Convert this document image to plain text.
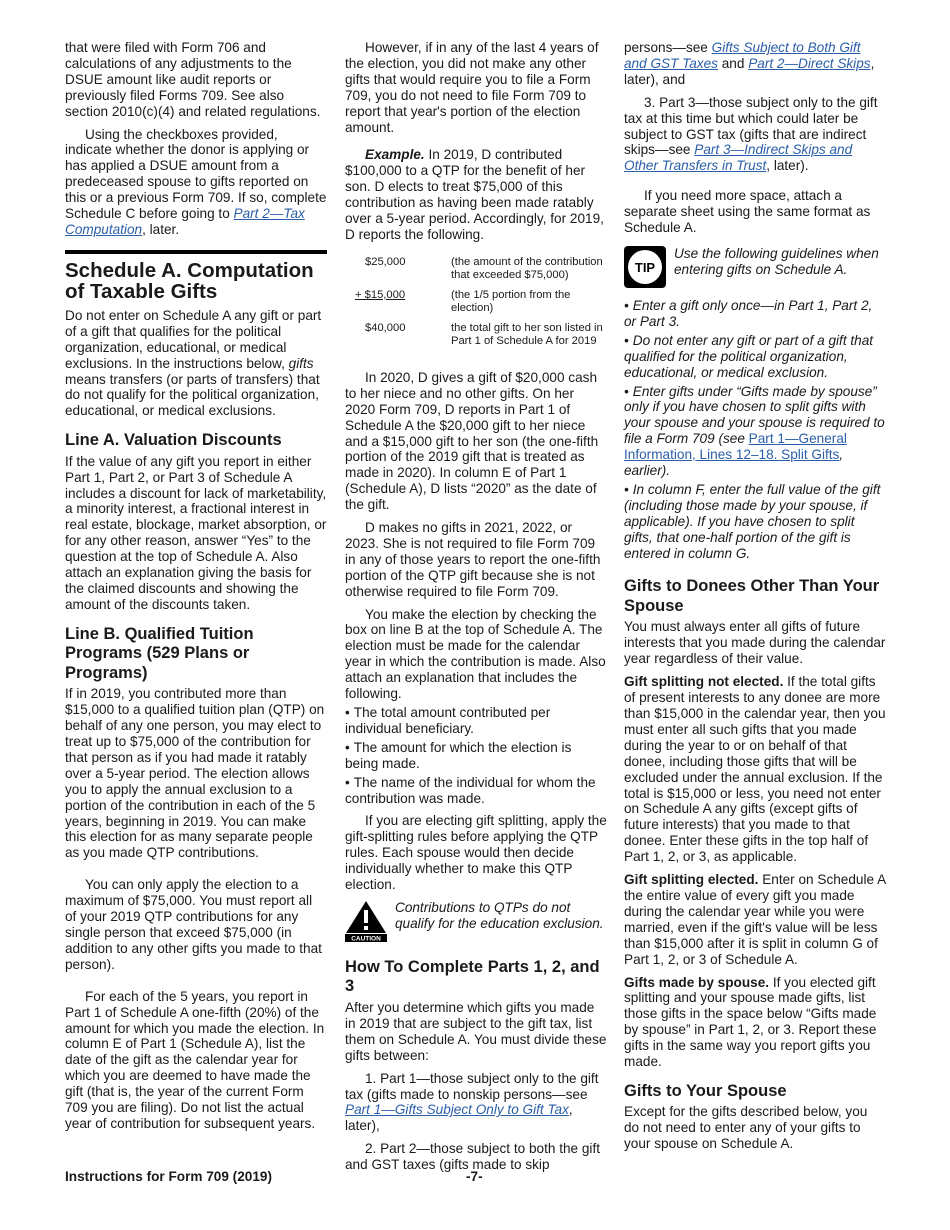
that were filed with Form 706 and calculations of any adjustments to the DSUE amount like audit reports or previously filed Forms 709. See also section 2010(c)(4) and related regulations.

Using the checkboxes provided, indicate whether the donor is applying or has applied a DSUE amount from a predeceased spouse to gifts reported on this or a previous Form 709. If so, complete Schedule C before going to Part 2—Tax Computation, later.

Schedule A. Computation of Taxable Gifts

Do not enter on Schedule A any gift or part of a gift that qualifies for the political organization, educational, or medical exclusions. In the instructions below, gifts means transfers (or parts of transfers) that do not qualify for the political organization, educational, or medical exclusions.

Line A. Valuation Discounts

If the value of any gift you report in either Part 1, Part 2, or Part 3 of Schedule A includes a discount for lack of marketability, a minority interest, a fractional interest in real estate, blockage, market absorption, or for any other reason, answer “Yes” to the question at the top of Schedule A. Also attach an explanation giving the basis for the claimed discounts and showing the amount of the discounts taken.

Line B. Qualified Tuition Programs (529 Plans or Programs)

If in 2019, you contributed more than $15,000 to a qualified tuition plan (QTP) on behalf of any one person, you may elect to treat up to $75,000 of the contribution for that person as if you had made it ratably over a 5-year period. The election allows you to apply the annual exclusion to a portion of the contribution in each of the 5 years, beginning in 2019. You can make this election for as many separate people as you made QTP contributions.

You can only apply the election to a maximum of $75,000. You must report all of your 2019 QTP contributions for any single person that exceed $75,000 (in addition to any other gifts you made to that person).

For each of the 5 years, you report in Part 1 of Schedule A one-fifth (20%) of the amount for which you made the election. In column E of Part 1 (Schedule A), list the date of the gift as the calendar year for which you are deemed to have made the gift (that is, the year of the current Form 709 you are filing). Do not list the actual year of contribution for subsequent years.

However, if in any of the last 4 years of the election, you did not make any other gifts that would require you to file a Form 709, you do not need to file Form 709 to report that year's portion of the election amount.

Example. In 2019, D contributed $100,000 to a QTP for the benefit of her son. D elects to treat $75,000 of this contribution as having been made ratably over a 5-year period. Accordingly, for 2019, D reports the following.

$25,000	(the amount of the contribution that exceeded $75,000)
+ $15,000	(the 1/5 portion from the election)
$40,000	the total gift to her son listed in Part 1 of Schedule A for 2019

In 2020, D gives a gift of $20,000 cash to her niece and no other gifts. On her 2020 Form 709, D reports in Part 1 of Schedule A the $20,000 gift to her niece and a $15,000 gift to her son (the one-fifth portion of the 2019 gift that is treated as made in 2020). In column E of Part 1 (Schedule A), D lists “2020” as the date of the gift.

D makes no gifts in 2021, 2022, or 2023. She is not required to file Form 709 in any of those years to report the one-fifth portion of the QTP gift because she is not otherwise required to file Form 709.

You make the election by checking the box on line B at the top of Schedule A. The election must be made for the calendar year in which the contribution is made. Also attach an explanation that includes the following.

• The total amount contributed per individual beneficiary.

• The amount for which the election is being made.

• The name of the individual for whom the contribution was made.

If you are electing gift splitting, apply the gift-splitting rules before applying the QTP rules. Each spouse would then decide individually whether to make this QTP election.

CAUTION
Contributions to QTPs do not qualify for the education exclusion.
How To Complete Parts 1, 2, and 3

After you determine which gifts you made in 2019 that are subject to the gift tax, list them on Schedule A. You must divide these gifts between:

1. Part 1—those subject only to the gift tax (gifts made to nonskip persons—see Part 1—Gifts Subject Only to Gift Tax, later),

2. Part 2—those subject to both the gift and GST taxes (gifts made to skip

persons—see Gifts Subject to Both Gift and GST Taxes and Part 2—Direct Skips, later), and

3. Part 3—those subject only to the gift tax at this time but which could later be subject to GST tax (gifts that are indirect skips—see Part 3—Indirect Skips and Other Transfers in Trust, later).

If you need more space, attach a separate sheet using the same format as Schedule A.

TIP
Use the following guidelines when entering gifts on Schedule A.

• Enter a gift only once—in Part 1, Part 2, or Part 3.

• Do not enter any gift or part of a gift that qualified for the political organization, educational, or medical exclusion.

• Enter gifts under “Gifts made by spouse” only if you have chosen to split gifts with your spouse and your spouse is required to file a Form 709 (see Part 1—General Information, Lines 12–18. Split Gifts, earlier).

• In column F, enter the full value of the gift (including those made by your spouse, if applicable). If you have chosen to split gifts, that one-half portion of the gift is entered in column G.

Gifts to Donees Other Than Your Spouse

You must always enter all gifts of future interests that you made during the calendar year regardless of their value.

Gift splitting not elected. If the total gifts of present interests to any donee are more than $15,000 in the calendar year, then you must enter all such gifts that you made during the year to or on behalf of that donee, including those gifts that will be excluded under the annual exclusion. If the total is $15,000 or less, you need not enter on Schedule A any gifts (except gifts of future interests) that you made to that donee. Enter these gifts in the top half of Part 1, 2, or 3, as applicable.

Gift splitting elected. Enter on Schedule A the entire value of every gift you made during the calendar year while you were married, even if the gift's value will be less than $15,000 after it is split in column G of Part 1, 2, or 3 of Schedule A.

Gifts made by spouse. If you elected gift splitting and your spouse made gifts, list those gifts in the space below “Gifts made by spouse” in Part 1, 2, or 3. Report these gifts in the same way you report gifts you made.

Gifts to Your Spouse

Except for the gifts described below, you do not need to enter any of your gifts to your spouse on Schedule A.

Instructions for Form 709 (2019)	-7-
